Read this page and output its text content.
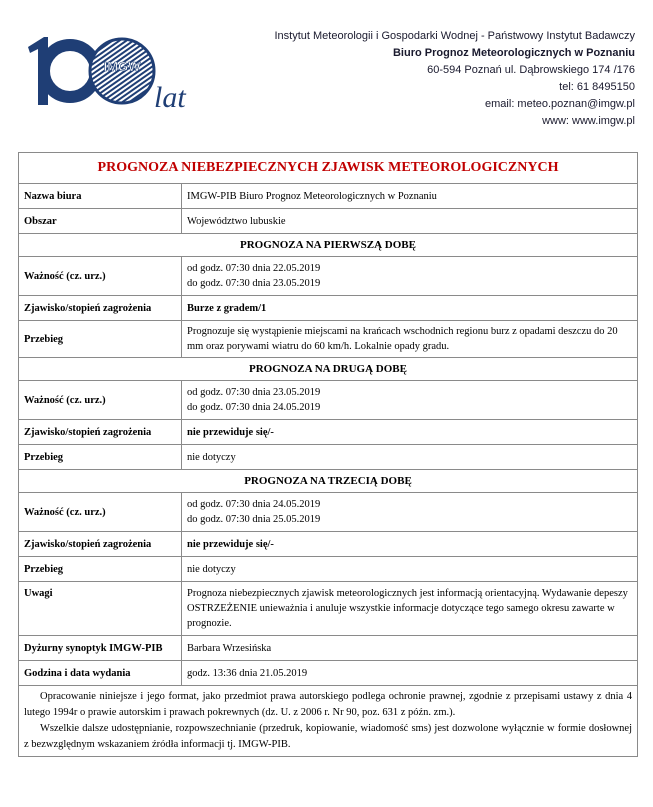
IMGW
lat
Instytut Meteorologii i Gospodarki Wodnej - Państwowy Instytut Badawczy
Biuro Prognoz Meteorologicznych w Poznaniu
60-594 Poznań ul. Dąbrowskiego 174 /176
tel: 61 8495150
email: meteo.poznan@imgw.pl
www: www.imgw.pl
PROGNOZA NIEBEZPIECZNYCH ZJAWISK METEOROLOGICZNYCH	
Nazwa biura	IMGW-PIB Biuro Prognoz Meteorologicznych w Poznaniu
Obszar	Województwo lubuskie
PROGNOZA NA PIERWSZĄ DOBĘ	
Ważność (cz. urz.)	od godz. 07:30 dnia 22.05.2019
do godz. 07:30 dnia 23.05.2019

Zjawisko/stopień zagrożenia	Burze z gradem/1
Przebieg	Prognozuje się wystąpienie miejscami na krańcach wschodnich regionu burz z opadami deszczu do 20 mm oraz porywami wiatru do 60 km/h. Lokalnie opady gradu.
PROGNOZA NA DRUGĄ DOBĘ	
Ważność (cz. urz.)	od godz. 07:30 dnia 23.05.2019
do godz. 07:30 dnia 24.05.2019

Zjawisko/stopień zagrożenia	nie przewiduje się/-
Przebieg	nie dotyczy
PROGNOZA NA TRZECIĄ DOBĘ	
Ważność (cz. urz.)	od godz. 07:30 dnia 24.05.2019
do godz. 07:30 dnia 25.05.2019

Zjawisko/stopień zagrożenia	nie przewiduje się/-
Przebieg	nie dotyczy
Uwagi	Prognoza niebezpiecznych zjawisk meteorologicznych jest informacją orientacyjną. Wydawanie depeszy OSTRZEŻENIE unieważnia i anuluje wszystkie informacje dotyczące tego samego okresu zawarte w prognozie.
Dyżurny synoptyk IMGW-PIB	Barbara Wrzesińska
Godzina i data wydania	godz. 13:36 dnia 21.05.2019

Opracowanie niniejsze i jego format, jako przedmiot prawa autorskiego podlega ochronie prawnej, zgodnie z przepisami ustawy z dnia 4 lutego 1994r o prawie autorskim i prawach pokrewnych (dz. U. z 2006 r. Nr 90, poz. 631 z późn. zm.).
Wszelkie dalsze udostępnianie, rozpowszechnianie (przedruk, kopiowanie, wiadomość sms) jest dozwolone wyłącznie w formie dosłownej z bezwzględnym wskazaniem źródła informacji tj. IMGW-PIB.	
